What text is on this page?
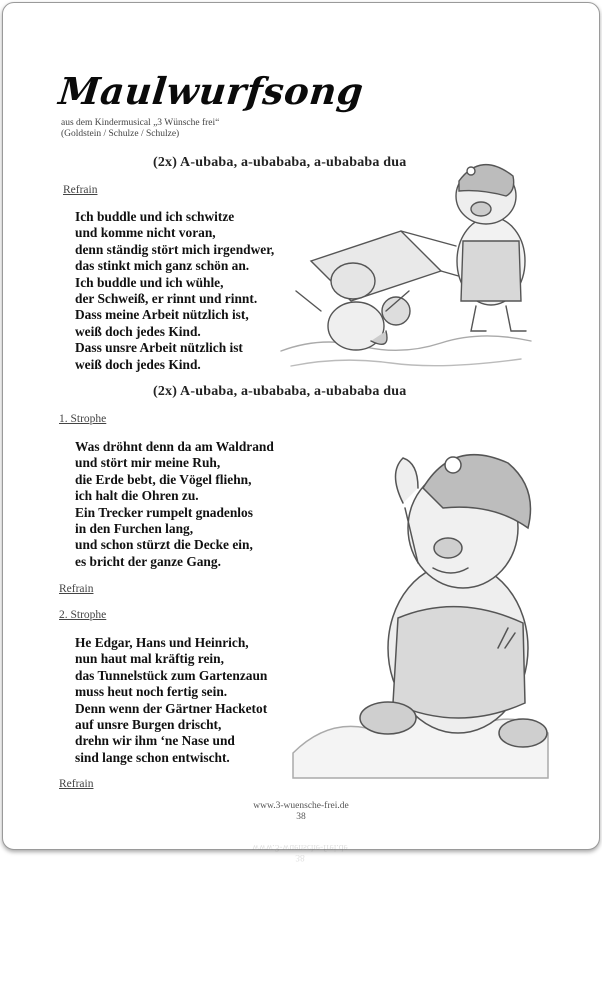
Maulwurfsong
aus dem Kindermusical „3 Wünsche frei“
(Goldstein / Schulze / Schulze)
(2x) A-ubaba, a-ubababa, a-ubababa dua
Refrain
Ich buddle und ich schwitze
und komme nicht voran,
denn ständig stört mich irgendwer,
das stinkt mich ganz schön an.
Ich buddle und ich wühle,
der Schweiß, er rinnt und rinnt.
Dass meine Arbeit nützlich ist,
weiß doch jedes Kind.
Dass unsre Arbeit nützlich ist
weiß doch jedes Kind.
(2x) A-ubaba, a-ubababa, a-ubababa dua
1. Strophe
Was dröhnt denn da am Waldrand
und stört mir meine Ruh,
die Erde bebt, die Vögel fliehn,
ich halt die Ohren zu.
Ein Trecker rumpelt gnadenlos
in den Furchen lang,
und schon stürzt die Decke ein,
es bricht der ganze Gang.
Refrain
2. Strophe
He Edgar, Hans und Heinrich,
nun haut mal kräftig rein,
das Tunnelstück zum Gartenzaun
muss heut noch fertig sein.
Denn wenn der Gärtner Hacketot
auf unsre Burgen drischt,
drehn wir ihm ‘ne Nase und
sind lange schon entwischt.
Refrain
www.3-wuensche-frei.de
38
38
www.3-wuensche-frei.de
